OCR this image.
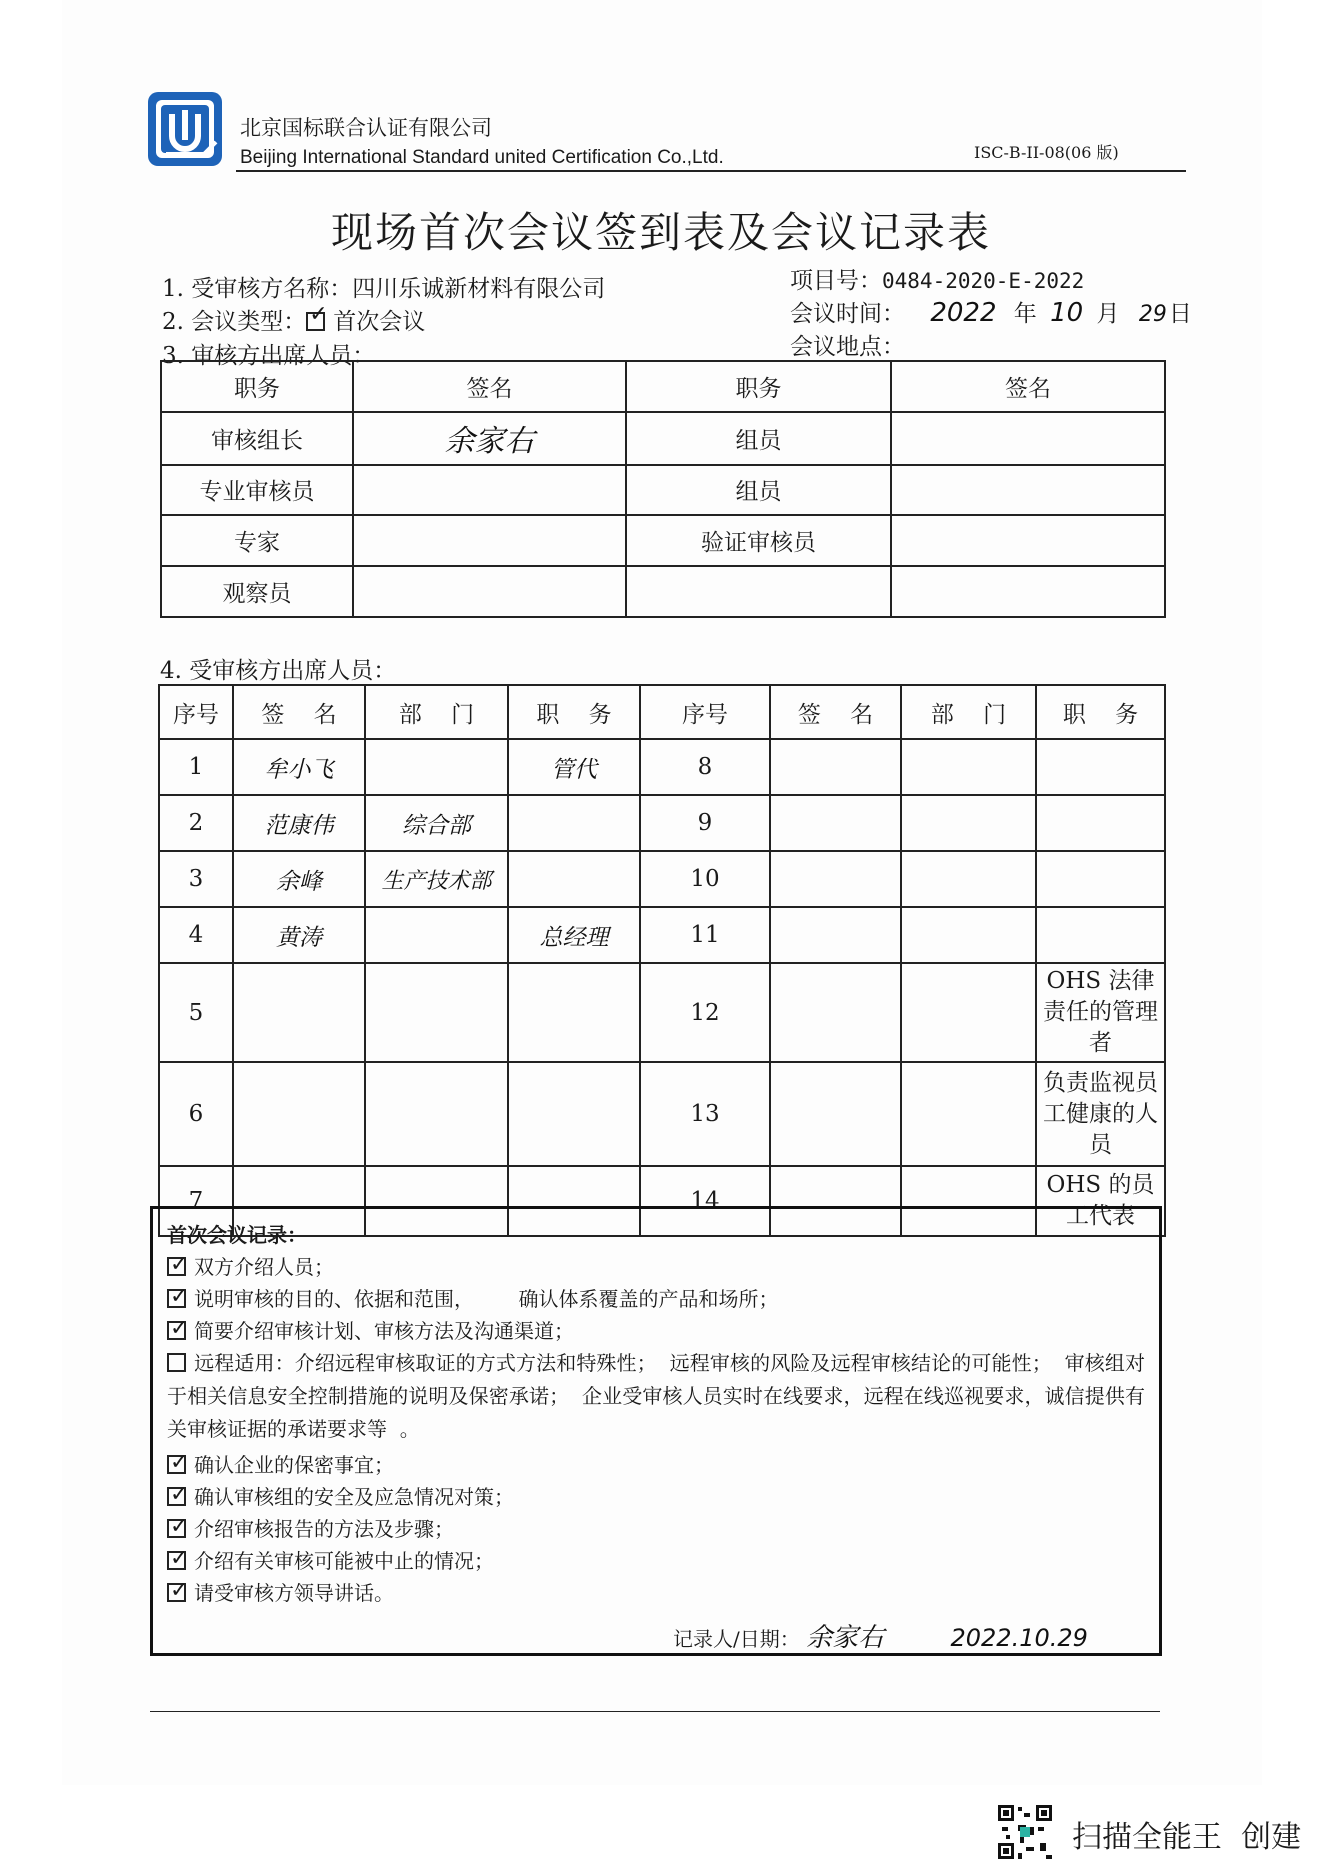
北京国标联合认证有限公司
Beijing International Standard united Certification Co.,Ltd.	ISC-B-II-08(06 版)
现场首次会议签到表及会议记录表
1. 受审核方名称：四川乐诚新材料有限公司
2. 会议类型： ✓ 首次会议
3. 审核方出席人员：
项目号：0484-2020-E-2022
会议时间： 2022 年 10 月 29日
会议地点：
职务	签名	职务	签名
审核组长	余家右	组员	
专业审核员		组员	
专家		验证审核员	
观察员			
4. 受审核方出席人员：
序号	签    名	部    门	职    务	序号	签    名	部    门	职    务
1	牟小飞		管代	8			
2	范康伟	综合部		9			
3	余峰	生产技术部		10			
4	黄涛		总经理	11			
5				12			OHS 法律责任的管理者
6				13			负责监视员工健康的人员
7				14			OHS 的员工代表
首次会议记录：
✓双方介绍人员；
✓说明审核的目的、依据和范围，       确认体系覆盖的产品和场所；
✓简要介绍审核计划、审核方法及沟通渠道；
远程适用：介绍远程审核取证的方式方法和特殊性；  远程审核的风险及远程审核结论的可能性；  审核组对于相关信息安全控制措施的说明及保密承诺；  企业受审核人员实时在线要求，远程在线巡视要求，诚信提供有关审核证据的承诺要求等  。
✓确认企业的保密事宜；
✓确认审核组的安全及应急情况对策；
✓介绍审核报告的方法及步骤；
✓介绍有关审核可能被中止的情况；
✓请受审核方领导讲话。
记录人/日期： 余家右	2022.10.29
扫描全能王  创建
